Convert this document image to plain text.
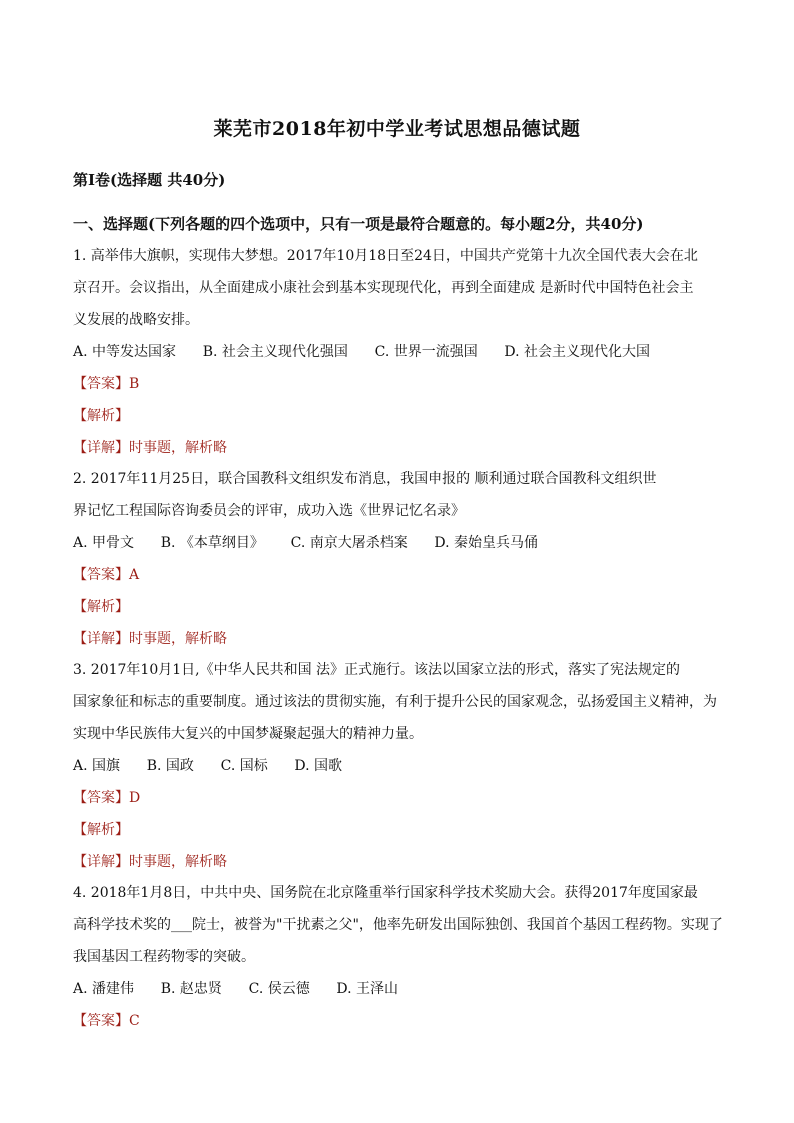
莱芜市2018年初中学业考试思想品德试题
第Ⅰ卷(选择题 共40分)
一、选择题(下列各题的四个选项中，只有一项是最符合题意的。每小题2分，共40分)
1. 高举伟大旗帜，实现伟大梦想。2017年10月18日至24日，中国共产党第十九次全国代表大会在北
京召开。会议指出，从全面建成小康社会到基本实现现代化，再到全面建成 是新时代中国特色社会主
义发展的战略安排。
A. 中等发达国家      B. 社会主义现代化强国      C. 世界一流强国      D. 社会主义现代化大国
【答案】B
【解析】
【详解】时事题，解析略
2. 2017年11月25日，联合国教科文组织发布消息，我国申报的 顺利通过联合国教科文组织世
界记忆工程国际咨询委员会的评审，成功入选《世界记忆名录》
A. 甲骨文      B. 《本草纲目》      C. 南京大屠杀档案      D. 秦始皇兵马俑
【答案】A
【解析】
【详解】时事题，解析略
3. 2017年10月1日,《中华人民共和国 法》正式施行。该法以国家立法的形式，落实了宪法规定的
国家象征和标志的重要制度。通过该法的贯彻实施，有利于提升公民的国家观念，弘扬爱国主义精神，为
实现中华民族伟大复兴的中国梦凝聚起强大的精神力量。
A. 国旗      B. 国政      C. 国标      D. 国歌
【答案】D
【解析】
【详解】时事题，解析略
4. 2018年1月8日，中共中央、国务院在北京隆重举行国家科学技术奖励大会。获得2017年度国家最
高科学技术奖的___院士，被誉为"干扰素之父"，他率先研发出国际独创、我国首个基因工程药物。实现了
我国基因工程药物零的突破。
A. 潘建伟      B. 赵忠贤      C. 侯云德      D. 王泽山
【答案】C
